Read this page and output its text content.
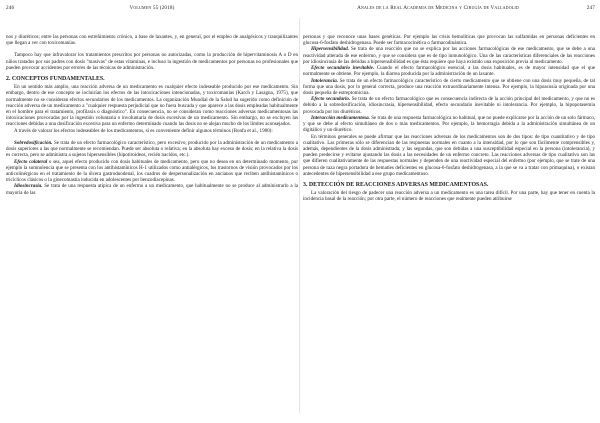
246	Volumen 55 (2018)

nos y diuréticos; entre las personas con estreñimiento crónico, a base de laxantes, y, en general, por el empleo de analgésicos y tranquilizantes que llegan a ver con toxicomanías.

Tampoco hay que infravalorar los tratamientos prescritos por personas no autorizadas, como la producción de hipervitaminosis A o D en niños tratados por sus padres con dosis "masivas" de estas vitaminas, e incluso la ingestión de medicamentos por personas no profesionales que pueden provocar accidentes por errores de las técnicas de administración.

2. CONCEPTOS FUNDAMENTALES.

En un sentido más amplio, una reacción adversa de un medicamento es cualquier efecto indeseable producido por ese medicamento. Sin embargo, dentro de ese concepto se incluirían los efectos de las intoxicaciones intencionadas, y toxicomanías (Karch y Lasagna, 1975), que normalmente no se consideran efectos secundarios de los medicamentos. La organización Mundial de la Salud ha sugerido como definición de reacción adversa de un medicamento a "cualquier respuesta perjudicial que no fuera buscada y que aparece a las dosis empleadas habitualmente en el hombre para el tratamiento, profilaxis o diagnóstico". En consecuencia, no se consideran como reacciones adversas medicamentosas las intoxicaciones provocadas por la ingestión voluntaria o involuntaria de dosis excesivas de un medicamento. Sin embargo, no se excluyen las reacciones debidas a una dosificación excesiva para un enfermo determinado cuando las dosis no se alejan mucho de los límites aconsejados.

A través de valorar los efectos indeseables de los medicamentos, sí es conveniente definir algunos términos (Bonfa et al., 1980):

Sobredosificación. Se trata de un efecto farmacológico característico, pero excesivo, producido por la administración de un medicamento a dosis superiores a las que normalmente se recomiendan. Puede ser absoluta o relativa; en la absoluta hay exceso de dosis; en la relativa la dosis es correcta, pero se administra a sujetos hipersensibles (hipotiroideos, recién nacidos, etc.).

Efecto colateral o sea, aquel efecto producido con dosis habituales de medicamento, pero que no desea en un determinado momento, por ejemplo la somnolencia que se presenta con los antihistamínicos H-1 utilizados como antialérgicos, los trastornos de visión provocados por los anticolinérgicos en el tratamiento de la úlcera gastroduodenal, los cuadros de despersonalización en ancianos que reciben antihistamínicos o tricíclicos clásicos o la ginecomastia inducida en adolescentes por benzodiacepinas.

Idiosincrasia. Se trata de una respuesta atípica de un enfermo a un medicamento, que habitualmente no se produce al administrarlo a la mayoría de las

Anales de la Real Academia de Medicina y Cirugía de Valladolid	247

personas y que reconoce unas bases genéticas. Por ejemplo las crisis hemolíticas que provocan las sulfamidas en personas deficientes en glucosa-6-fosfato deshidrogenasa. Puede ser farmacocinética o farmacodinámica.

Hipersensibilidad. Se trata de una reacción que no se explica por las acciones farmacológicas de ese medicamento, que se debe a una reactividad alterada de ese enfermo, y que se considera que es de tipo inmunológico. Una de las características diferenciales de las reacciones por idiosincrasia de las debidas a hipersensibilidad es que ésta requiere que haya existido una exposición previa al medicamento.

Efecto secundario inevitable. Cuando el efecto farmacológico esencial, a las dosis habituales, es de mayor intensidad que el que normalmente se obtiene. Por ejemplo, la diarrea producida por la administración de un laxante.

Intolerancia. Se trata de un efecto farmacológico característico de cierto medicamento que se obtiene con una dosis muy pequeña, de tal forma que una dosis, por lo general correcta, produce una reacción extraordinariamente intensa. Por ejemplo, la hipoacusia originada por una dosis pequeña de estreptomicina.

Efecto secundario. Se trata de un efecto farmacológico que es consecuencia indirecta de la acción principal del medicamento, y que no es debido a la sobredosificación, idiosincrasia, hipersensibilidad, efecto secundario inevitable ni intolerancia. Por ejemplo, la hipopotasemia provocada por los diuréticos.

Interacción medicamentosa. Se trata de una respuesta farmacológica no habitual, que no puede explicarse por la acción de un solo fármaco, y que se debe al efecto simultáneo de dos o más medicamentos. Por ejemplo, la hemorragia debida a la administración simultánea de un digitálico y un diurético.

En términos generales se puede afirmar que las reacciones adversas de los medicamentos son de dos tipos: de tipo cuantitativo y de tipo cualitativo. Las primeras sólo se diferencian de las respuestas normales en cuanto a la intensidad, por lo que son fácilmente comprensibles y, además, dependientes de la dosis administrada; y las segundas, que son debidas a una susceptibilidad especial en la persona (intolerancia), y pueden predecirse y evitarse ajustando las dosis a las necesidades de un enfermo concreto. Las reacciones adversas de tipo cualitativo son las que difieren cualitativamente de las respuestas normales y dependen de una reactividad especial del enfermo (por ejemplo, que se trate de una persona de raza negra portadora de hematíes deficientes en glucosa-6-fosfato deshidrogenasa, a la que se va a tratar con primaquina), o existan antecedentes de hipersensibilidad a ese grupo medicamentoso.

3. DETECCIÓN DE REACCIONES ADVERSAS MEDICAMENTOSAS.

La valoración del riesgo de padecer una reacción adversa a un medicamento es una tarea difícil. Por una parte, hay que tener en cuenta la incidencia basal de la reacción; por otra parte, el número de reacciones que realmente pueden atribuirse
